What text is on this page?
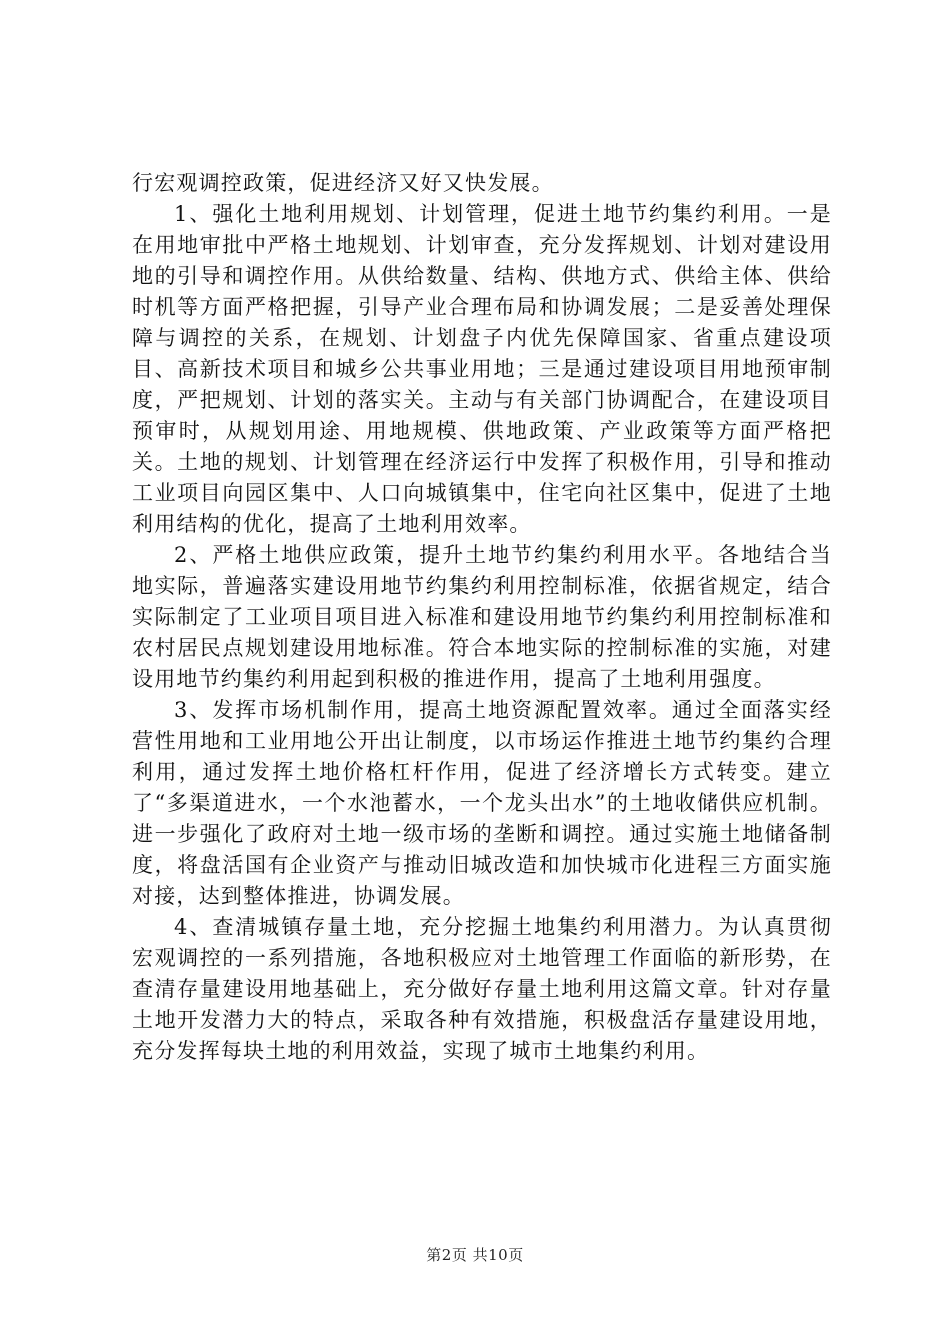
行宏观调控政策，促进经济又好又快发展。

1、强化土地利用规划、计划管理，促进土地节约集约利用。一是在用地审批中严格土地规划、计划审查，充分发挥规划、计划对建设用地的引导和调控作用。从供给数量、结构、供地方式、供给主体、供给时机等方面严格把握，引导产业合理布局和协调发展；二是妥善处理保障与调控的关系，在规划、计划盘子内优先保障国家、省重点建设项目、高新技术项目和城乡公共事业用地；三是通过建设项目用地预审制度，严把规划、计划的落实关。主动与有关部门协调配合，在建设项目预审时，从规划用途、用地规模、供地政策、产业政策等方面严格把关。土地的规划、计划管理在经济运行中发挥了积极作用，引导和推动工业项目向园区集中、人口向城镇集中，住宅向社区集中，促进了土地利用结构的优化，提高了土地利用效率。

2、严格土地供应政策，提升土地节约集约利用水平。各地结合当地实际，普遍落实建设用地节约集约利用控制标准，依据省规定，结合实际制定了工业项目项目进入标准和建设用地节约集约利用控制标准和农村居民点规划建设用地标准。符合本地实际的控制标准的实施，对建设用地节约集约利用起到积极的推进作用，提高了土地利用强度。

3、发挥市场机制作用，提高土地资源配置效率。通过全面落实经营性用地和工业用地公开出让制度，以市场运作推进土地节约集约合理利用，通过发挥土地价格杠杆作用，促进了经济增长方式转变。建立了“多渠道进水，一个水池蓄水，一个龙头出水”的土地收储供应机制。进一步强化了政府对土地一级市场的垄断和调控。通过实施土地储备制度，将盘活国有企业资产与推动旧城改造和加快城市化进程三方面实施对接，达到整体推进，协调发展。

4、查清城镇存量土地，充分挖掘土地集约利用潜力。为认真贯彻宏观调控的一系列措施，各地积极应对土地管理工作面临的新形势，在查清存量建设用地基础上，充分做好存量土地利用这篇文章。针对存量土地开发潜力大的特点，采取各种有效措施，积极盘活存量建设用地，充分发挥每块土地的利用效益，实现了城市土地集约利用。

第2页 共10页
